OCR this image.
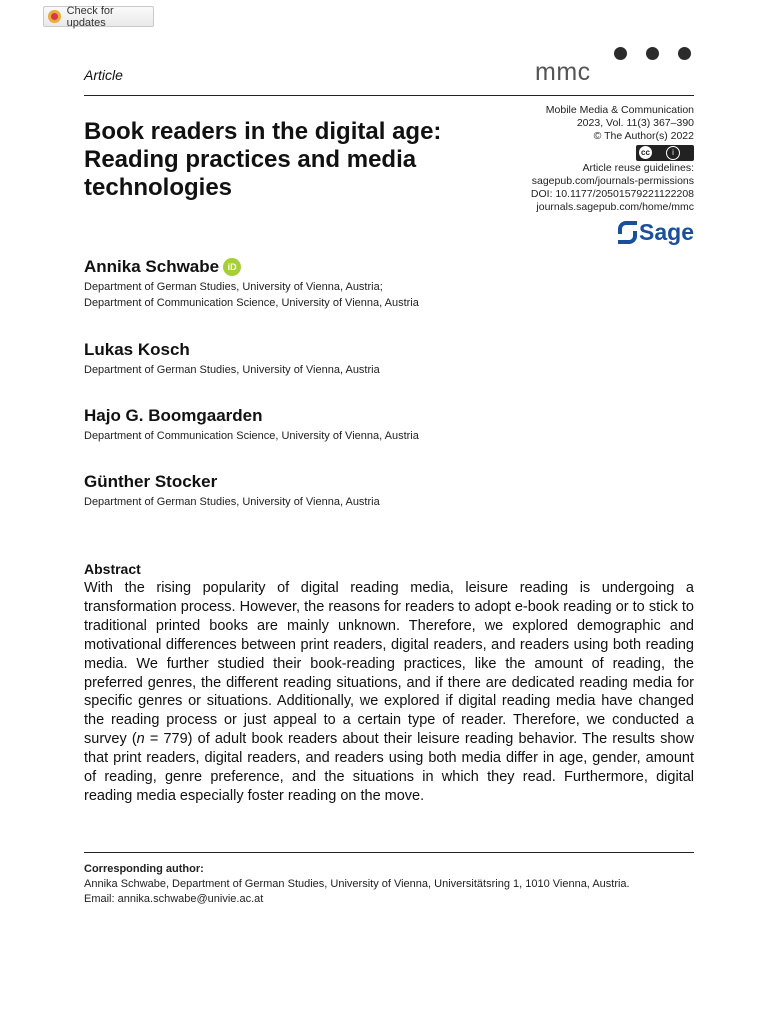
Check for updates
Article	mmc
Book readers in the digital age: Reading practices and media technologies
Mobile Media & Communication
2023, Vol. 11(3) 367–390
© The Author(s) 2022
cc i
Article reuse guidelines:
sagepub.com/journals-permissions
DOI: 10.1177/20501579221122208
journals.sagepub.com/home/mmc
Sage
Annika Schwabe iD
Department of German Studies, University of Vienna, Austria;
Department of Communication Science, University of Vienna, Austria
Lukas Kosch
Department of German Studies, University of Vienna, Austria
Hajo G. Boomgaarden
Department of Communication Science, University of Vienna, Austria
Günther Stocker
Department of German Studies, University of Vienna, Austria
Abstract

With the rising popularity of digital reading media, leisure reading is undergoing a transformation process. However, the reasons for readers to adopt e-book reading or to stick to traditional printed books are mainly unknown. Therefore, we explored demographic and motivational differences between print readers, digital readers, and readers using both reading media. We further studied their book-reading practices, like the amount of reading, the preferred genres, the different reading situations, and if there are dedicated reading media for specific genres or situations. Additionally, we explored if digital reading media have changed the reading process or just appeal to a certain type of reader. Therefore, we conducted a survey (n = 779) of adult book readers about their leisure reading behavior. The results show that print readers, digital readers, and readers using both media differ in age, gender, amount of reading, genre preference, and the situations in which they read. Furthermore, digital reading media especially foster reading on the move.

Corresponding author:
Annika Schwabe, Department of German Studies, University of Vienna, Universitätsring 1, 1010 Vienna, Austria.
Email: annika.schwabe@univie.ac.at
